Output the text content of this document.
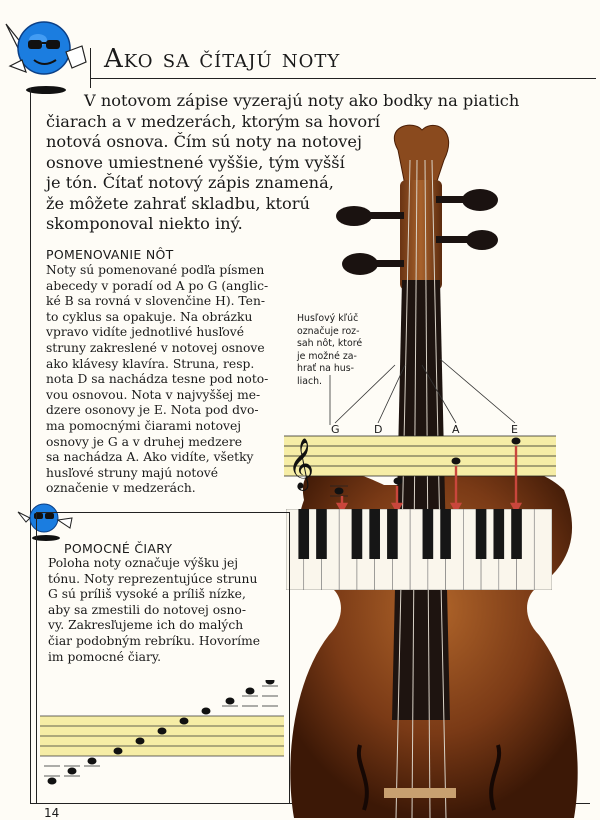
Ako sa čítajú noty

V notovom zápise vyzerajú noty ako bodky na piatich
čiarach a v medzerách, ktorým sa hovorí
notová osnova. Čím sú noty na notovej
osnove umiestnené vyššie, tým vyšší
je tón. Čítať notový zápis znamená,
že môžete zahrať skladbu, ktorú
skomponoval niekto iný.

POMENOVANIE NÔT
Noty sú pomenované podľa písmen
abecedy v poradí od A po G (anglic-
ké B sa rovná v slovenčine H). Ten-
to cyklus sa opakuje. Na obrázku
vpravo vidíte jednotlivé husľové
struny zakreslené v notovej osnove
ako klávesy klavíra. Struna, resp.
nota D sa nachádza tesne pod noto-
vou osnovou. Nota v najvyššej me-
dzere osonovy je E. Nota pod dvo-
ma pomocnými čiarami notovej
osnovy je G a v druhej medzere
sa nachádza A. Ako vidíte, všetky
husľové struny majú notové
označenie v medzerách.
Husľový kľúč
označuje roz-
sah nôt, ktoré
je možné za-
hrať na hus-
liach.
G	D	A	E
𝄞
POMOCNÉ ČIARY
Poloha noty označuje výšku jej
tónu. Noty reprezentujúce strunu
G sú príliš vysoké a príliš nízke,
aby sa zmestili do notovej osno-
vy. Zakresľujeme ich do malých
čiar podobným rebríku. Hovoríme
im pomocné čiary.
14
